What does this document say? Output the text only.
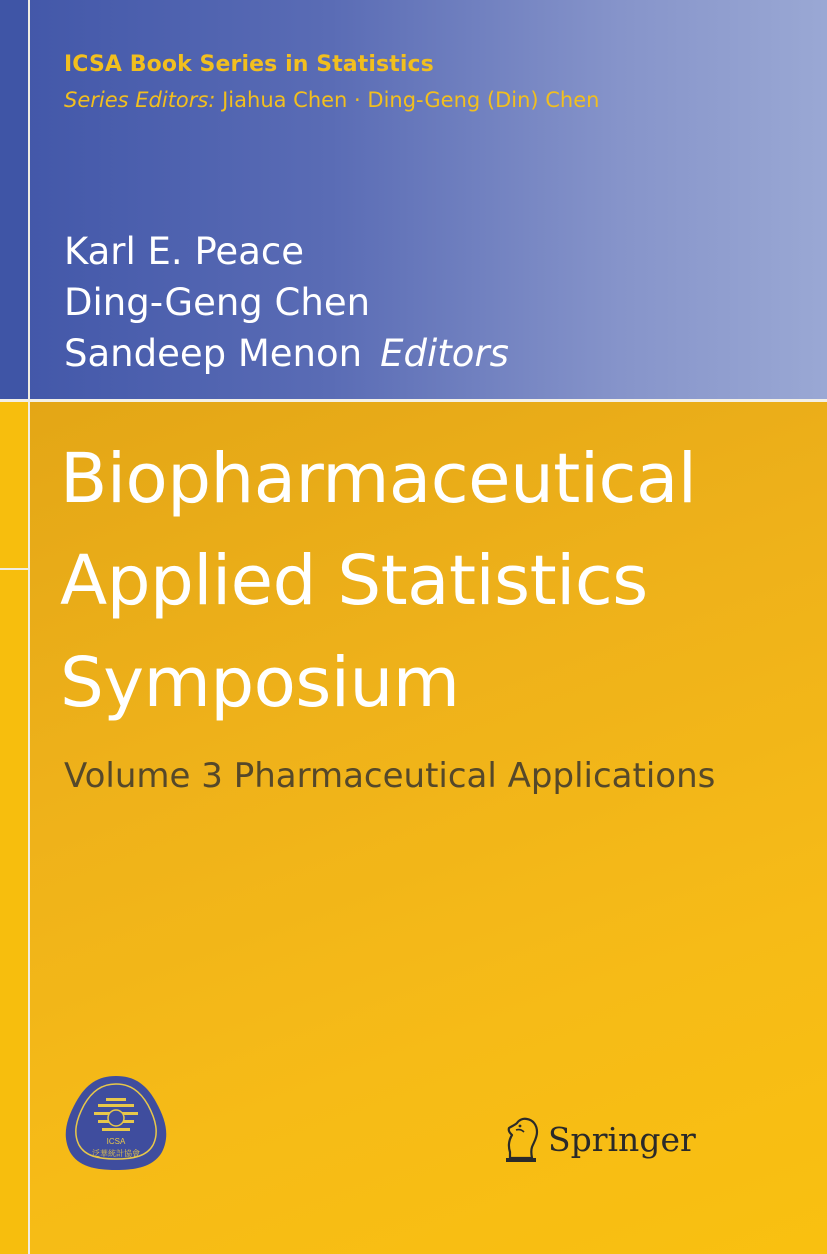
ICSA Book Series in Statistics
Series Editors: Jiahua Chen · Ding-Geng (Din) Chen
Karl E. Peace
Ding-Geng Chen
Sandeep Menon Editors
Biopharmaceutical
Applied Statistics
Symposium
Volume 3 Pharmaceutical Applications
ICSA
泛華統計協會	Springer
